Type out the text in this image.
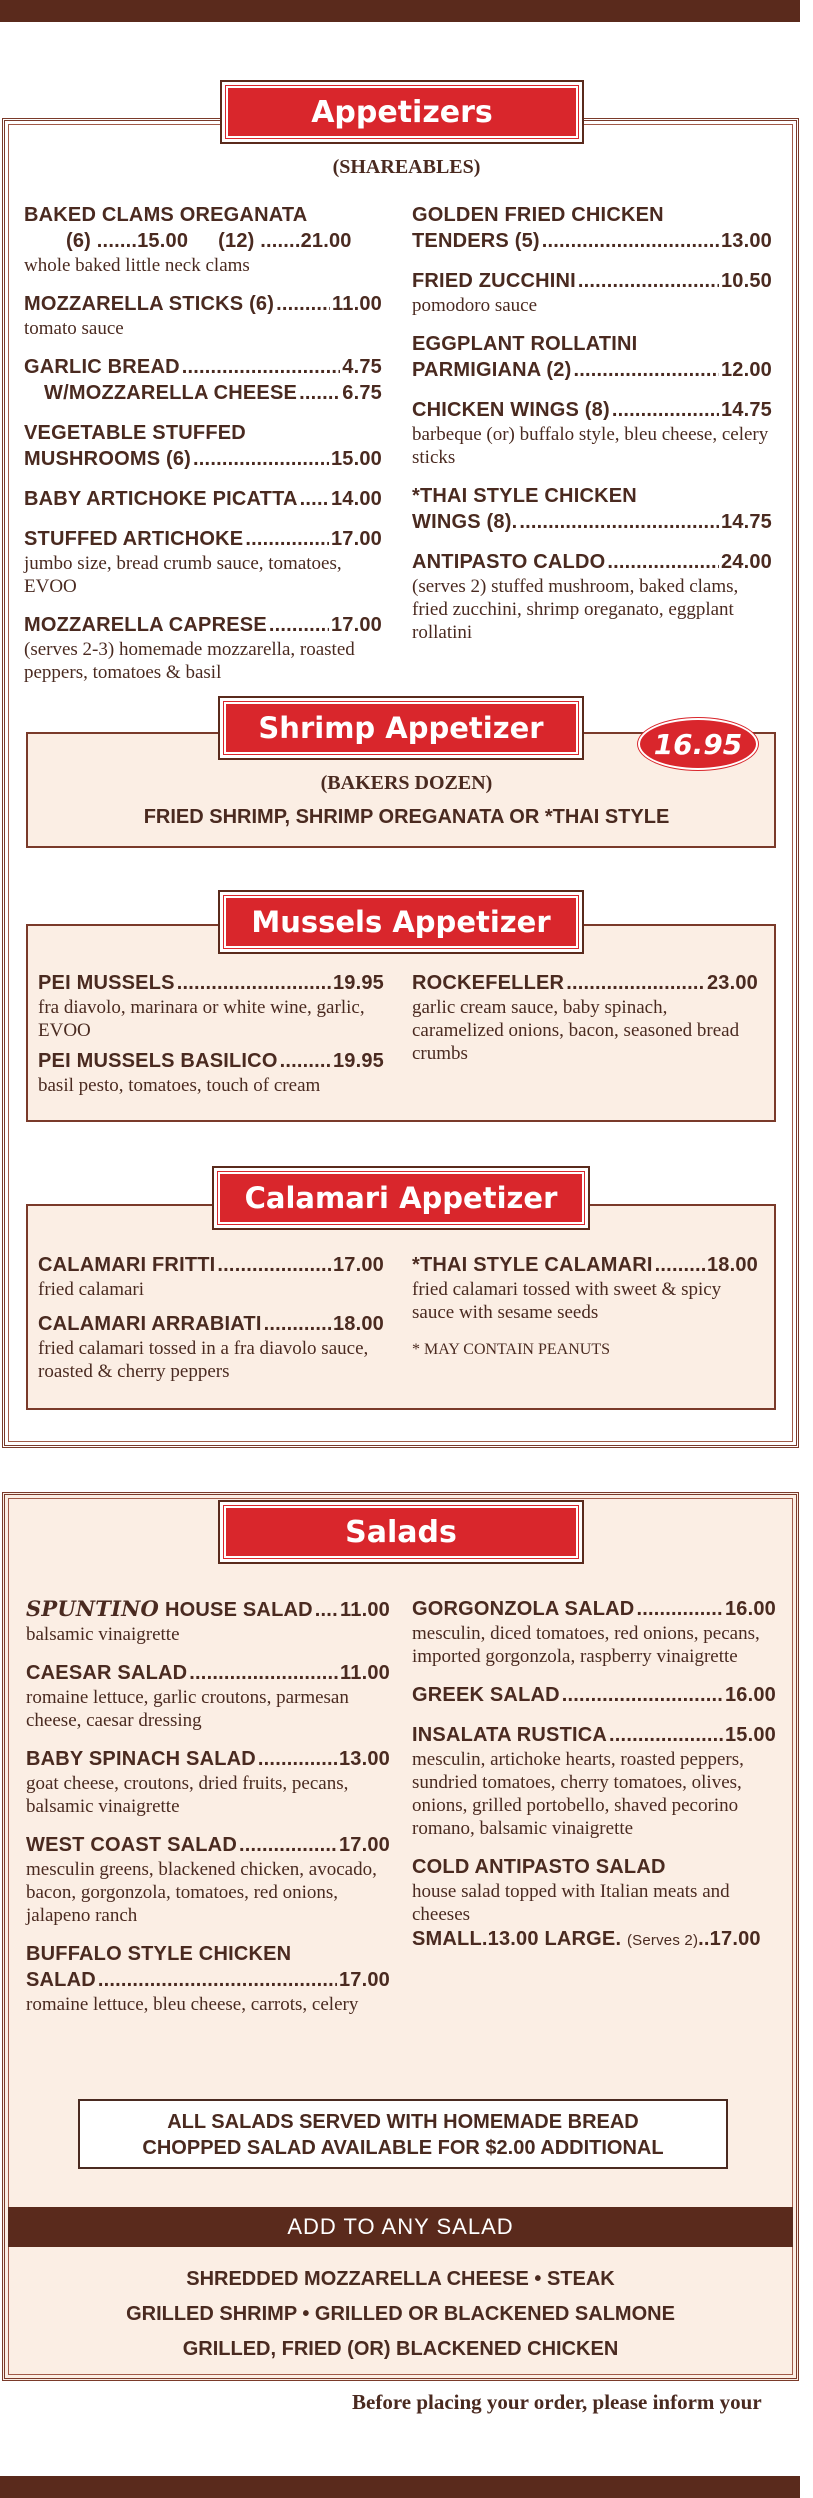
Appetizers
(SHAREABLES)
BAKED CLAMS OREGANATA
(6) .......15.00 (12) .......21.00
whole baked little neck clams
MOZZARELLA STICKS (6) .....	11.00
tomato sauce
GARLIC BREAD .....	4.75
W/MOZZARELLA CHEESE ..... 6.75
VEGETABLE STUFFED
MUSHROOMS (6) .....	15.00
BABY ARTICHOKE PICATTA ..... 14.00
STUFFED ARTICHOKE .....	17.00
jumbo size, bread crumb sauce, tomatoes, EVOO
MOZZARELLA CAPRESE .....	17.00
(serves 2-3) homemade mozzarella, roasted peppers, tomatoes & basil
GOLDEN FRIED CHICKEN
TENDERS (5) .....	13.00
FRIED ZUCCHINI .....	10.50
pomodoro sauce
EGGPLANT ROLLATINI
PARMIGIANA (2) .....	12.00
CHICKEN WINGS (8) .....	14.75
barbeque (or) buffalo style, bleu cheese, celery sticks
*THAI STYLE CHICKEN
WINGS (8). .....	14.75
ANTIPASTO CALDO .....	24.00
(serves 2) stuffed mushroom, baked clams, fried zucchini, shrimp oreganato, eggplant rollatini
Shrimp Appetizer	16.95
(BAKERS DOZEN)
FRIED SHRIMP, SHRIMP OREGANATA OR *THAI STYLE
Mussels Appetizer
PEI MUSSELS .....	19.95
fra diavolo, marinara or white wine, garlic, EVOO
PEI MUSSELS BASILICO .....	19.95
basil pesto, tomatoes, touch of cream
ROCKEFELLER .....	23.00
garlic cream sauce, baby spinach, caramelized onions, bacon, seasoned bread crumbs
Calamari Appetizer
CALAMARI FRITTI .....	17.00
fried calamari
CALAMARI ARRABIATI .....	18.00
fried calamari tossed in a fra diavolo sauce, roasted & cherry peppers
*THAI STYLE CALAMARI .....	18.00
fried calamari tossed with sweet & spicy sauce with sesame seeds
* MAY CONTAIN PEANUTS
Salads
SPUNTINO HOUSE SALAD ..... 11.00
balsamic vinaigrette
CAESAR SALAD .....	11.00
romaine lettuce, garlic croutons, parmesan cheese, caesar dressing
BABY SPINACH SALAD .....	13.00
goat cheese, croutons, dried fruits, pecans, balsamic vinaigrette
WEST COAST SALAD .....	17.00
mesculin greens, blackened chicken, avocado, bacon, gorgonzola, tomatoes, red onions, jalapeno ranch
BUFFALO STYLE CHICKEN
SALAD .....	17.00
romaine lettuce, bleu cheese, carrots, celery
GORGONZOLA SALAD .....	16.00
mesculin, diced tomatoes, red onions, pecans, imported gorgonzola, raspberry vinaigrette
GREEK SALAD .....	16.00
INSALATA RUSTICA .....	15.00
mesculin, artichoke hearts, roasted peppers, sundried tomatoes, cherry tomatoes, olives, onions, grilled portobello, shaved pecorino romano, balsamic vinaigrette
COLD ANTIPASTO SALAD
house salad topped with Italian meats and cheeses
SMALL.13.00 LARGE. (Serves 2)..17.00
ALL SALADS SERVED WITH HOMEMADE BREAD
CHOPPED SALAD AVAILABLE FOR $2.00 ADDITIONAL
ADD TO ANY SALAD
SHREDDED MOZZARELLA CHEESE • STEAK
GRILLED SHRIMP • GRILLED OR BLACKENED SALMONE
GRILLED, FRIED (OR) BLACKENED CHICKEN
Before placing your order, please inform your
